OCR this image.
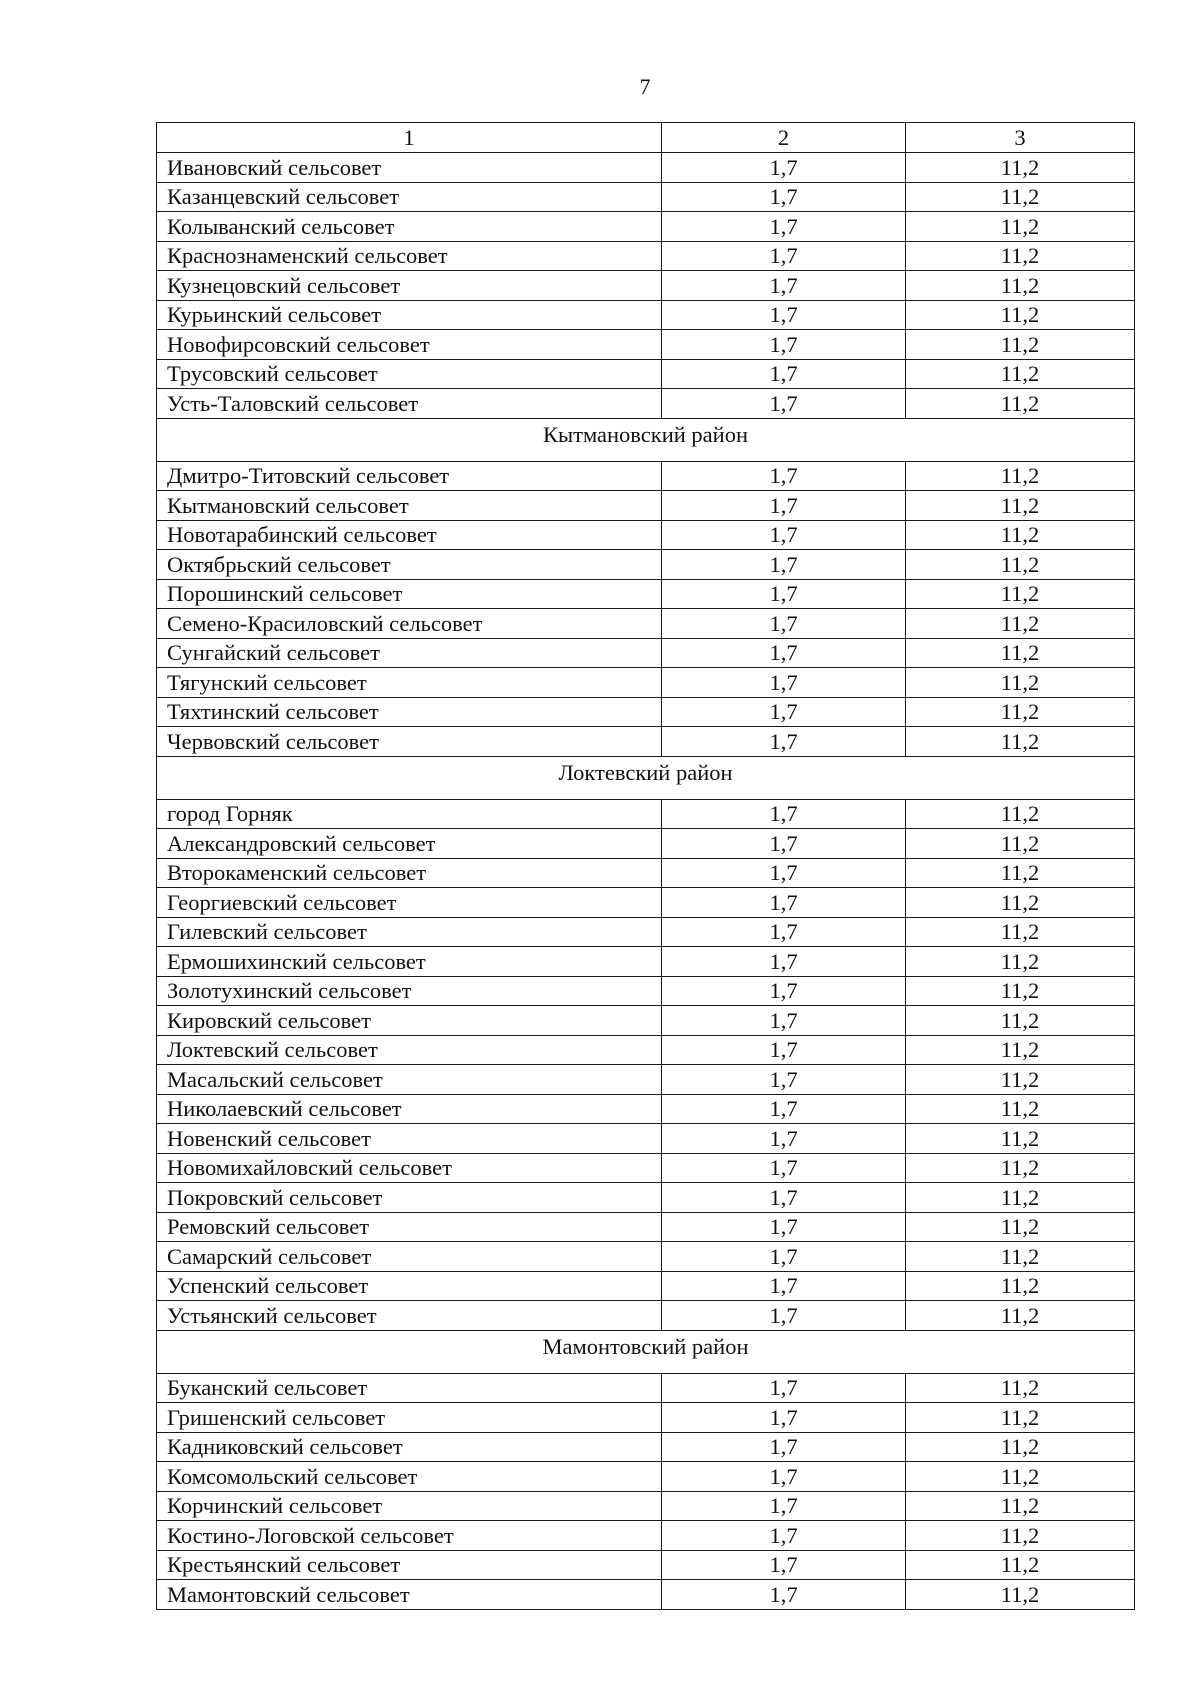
7
1	2	3
Ивановский сельсовет	1,7	11,2
Казанцевский сельсовет	1,7	11,2
Колыванский сельсовет	1,7	11,2
Краснознаменский сельсовет	1,7	11,2
Кузнецовский сельсовет	1,7	11,2
Курьинский сельсовет	1,7	11,2
Новофирсовский сельсовет	1,7	11,2
Трусовский сельсовет	1,7	11,2
Усть-Таловский сельсовет	1,7	11,2
Кытмановский район		
Дмитро-Титовский сельсовет	1,7	11,2
Кытмановский сельсовет	1,7	11,2
Новотарабинский сельсовет	1,7	11,2
Октябрьский сельсовет	1,7	11,2
Порошинский сельсовет	1,7	11,2
Семено-Красиловский сельсовет	1,7	11,2
Сунгайский сельсовет	1,7	11,2
Тягунский сельсовет	1,7	11,2
Тяхтинский сельсовет	1,7	11,2
Червовский сельсовет	1,7	11,2
Локтевский район		
город Горняк	1,7	11,2
Александровский сельсовет	1,7	11,2
Второкаменский сельсовет	1,7	11,2
Георгиевский сельсовет	1,7	11,2
Гилевский сельсовет	1,7	11,2
Ермошихинский сельсовет	1,7	11,2
Золотухинский сельсовет	1,7	11,2
Кировский сельсовет	1,7	11,2
Локтевский сельсовет	1,7	11,2
Масальский сельсовет	1,7	11,2
Николаевский сельсовет	1,7	11,2
Новенский сельсовет	1,7	11,2
Новомихайловский сельсовет	1,7	11,2
Покровский сельсовет	1,7	11,2
Ремовский сельсовет	1,7	11,2
Самарский сельсовет	1,7	11,2
Успенский сельсовет	1,7	11,2
Устьянский сельсовет	1,7	11,2
Мамонтовский район		
Буканский сельсовет	1,7	11,2
Гришенский сельсовет	1,7	11,2
Кадниковский сельсовет	1,7	11,2
Комсомольский сельсовет	1,7	11,2
Корчинский сельсовет	1,7	11,2
Костино-Логовской сельсовет	1,7	11,2
Крестьянский сельсовет	1,7	11,2
Мамонтовский сельсовет	1,7	11,2
